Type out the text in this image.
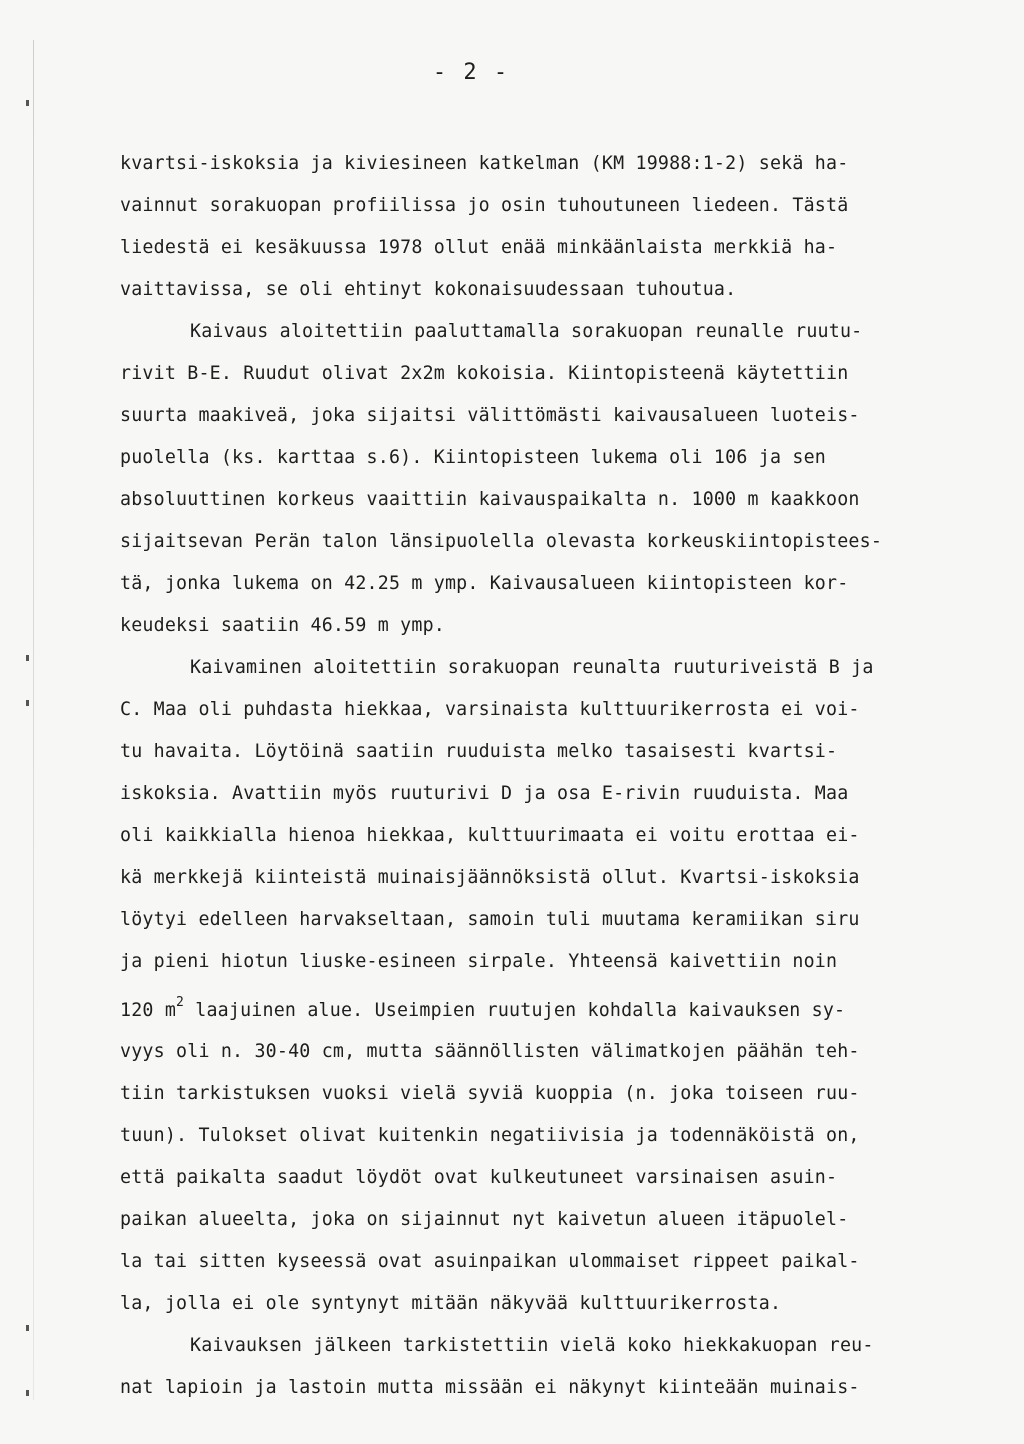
- 2 -
kvartsi-iskoksia ja kiviesineen katkelman (KM 19988:1-2) sekä ha-
vainnut sorakuopan profiilissa jo osin tuhoutuneen liedeen. Tästä
liedestä ei kesäkuussa 1978 ollut enää minkäänlaista merkkiä ha-
vaittavissa, se oli ehtinyt kokonaisuudessaan tuhoutua.
Kaivaus aloitettiin paaluttamalla sorakuopan reunalle ruutu-
rivit B-E. Ruudut olivat 2x2m kokoisia. Kiintopisteenä käytettiin
suurta maakiveä, joka sijaitsi välittömästi kaivausalueen luoteis-
puolella (ks. karttaa s.6). Kiintopisteen lukema oli 106 ja sen
absoluuttinen korkeus vaaittiin kaivauspaikalta n. 1000 m kaakkoon
sijaitsevan Perän talon länsipuolella olevasta korkeuskiintopistees-
tä, jonka lukema on 42.25 m ymp. Kaivausalueen kiintopisteen kor-
keudeksi saatiin 46.59 m ymp.
Kaivaminen aloitettiin sorakuopan reunalta ruuturiveistä B ja
C. Maa oli puhdasta hiekkaa, varsinaista kulttuurikerrosta ei voi-
tu havaita. Löytöinä saatiin ruuduista melko tasaisesti kvartsi-
iskoksia. Avattiin myös ruuturivi D ja osa E-rivin ruuduista. Maa
oli kaikkialla hienoa hiekkaa, kulttuurimaata ei voitu erottaa ei-
kä merkkejä kiinteistä muinaisjäännöksistä ollut. Kvartsi-iskoksia
löytyi edelleen harvakseltaan, samoin tuli muutama keramiikan siru
ja pieni hiotun liuske-esineen sirpale. Yhteensä kaivettiin noin
120 $m^2$ laajuinen alue. Useimpien ruutujen kohdalla kaivauksen sy-
vyys oli n. 30-40 cm, mutta säännöllisten välimatkojen päähän teh-
tiin tarkistuksen vuoksi vielä syviä kuoppia (n. joka toiseen ruu-
tuun). Tulokset olivat kuitenkin negatiivisia ja todennäköistä on,
että paikalta saadut löydöt ovat kulkeutuneet varsinaisen asuin-
paikan alueelta, joka on sijainnut nyt kaivetun alueen itäpuolel-
la tai sitten kyseessä ovat asuinpaikan ulommaiset rippeet paikal-
la, jolla ei ole syntynyt mitään näkyvää kulttuurikerrosta.
Kaivauksen jälkeen tarkistettiin vielä koko hiekkakuopan reu-
nat lapioin ja lastoin mutta missään ei näkynyt kiinteään muinais-
